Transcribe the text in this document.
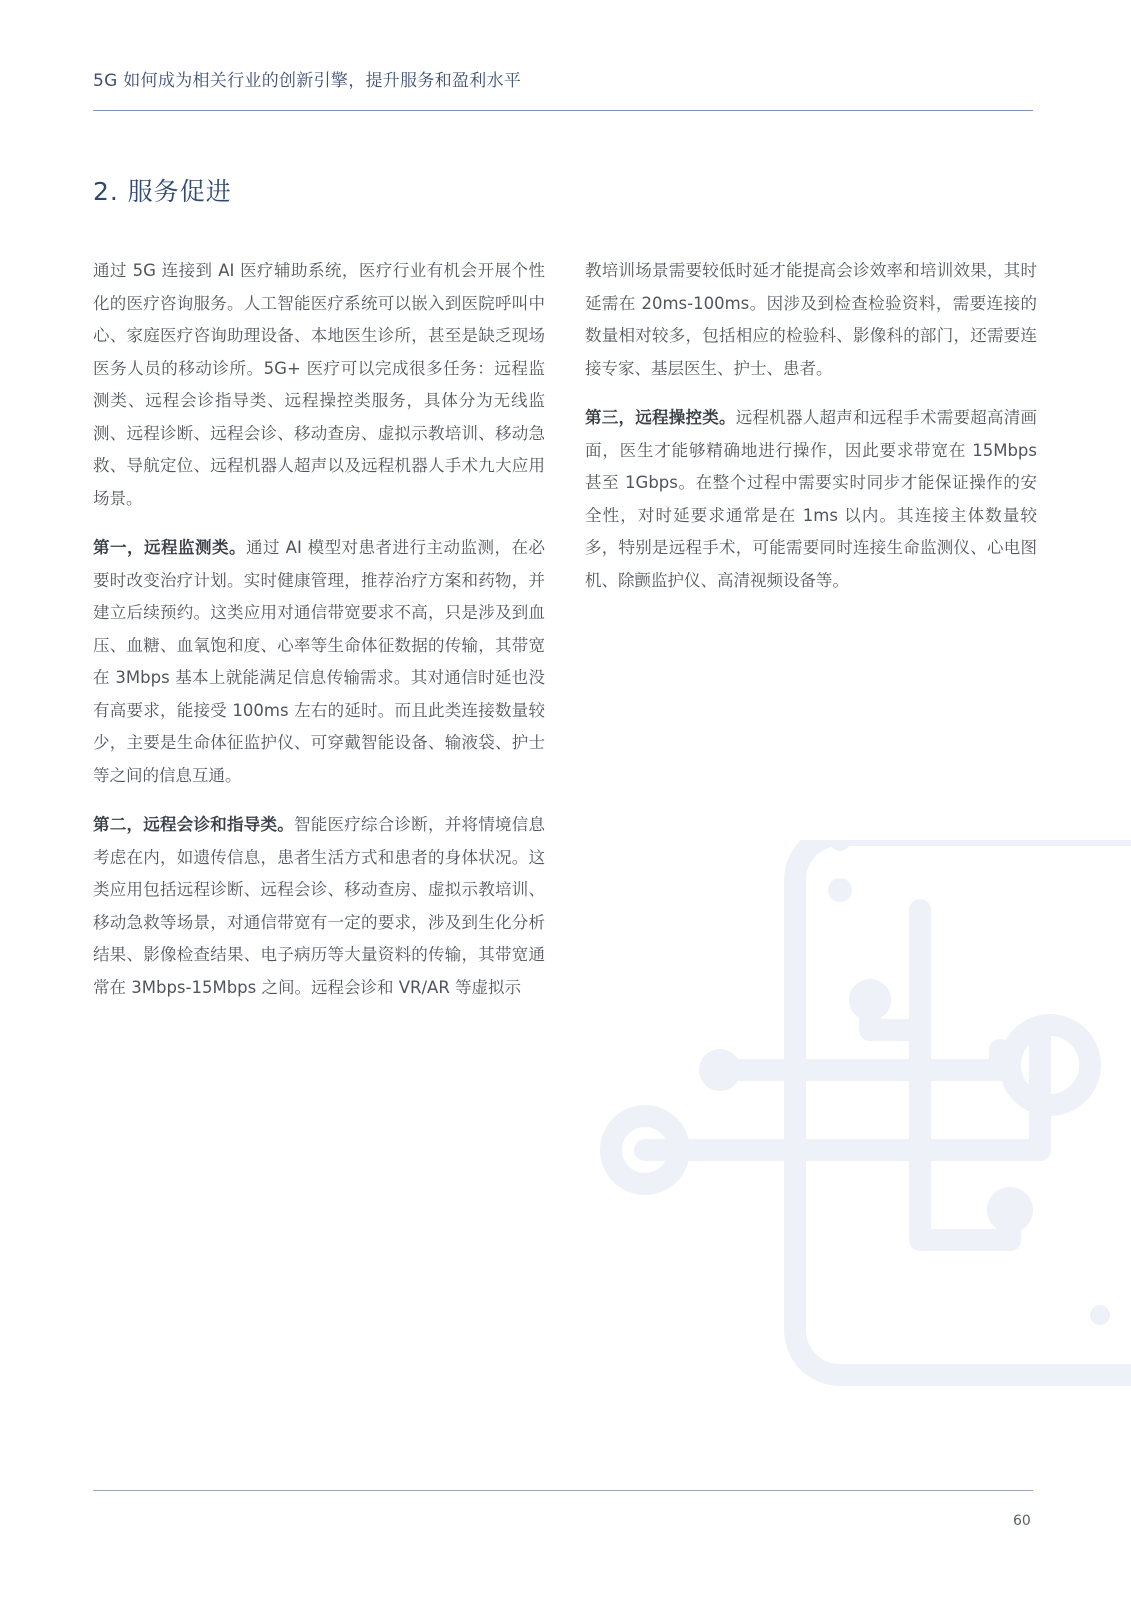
5G 如何成为相关行业的创新引擎，提升服务和盈利水平
2. 服务促进

通过 5G 连接到 AI 医疗辅助系统，医疗行业有机会开展个性化的医疗咨询服务。人工智能医疗系统可以嵌入到医院呼叫中心、家庭医疗咨询助理设备、本地医生诊所，甚至是缺乏现场医务人员的移动诊所。5G+ 医疗可以完成很多任务：远程监测类、远程会诊指导类、远程操控类服务，具体分为无线监测、远程诊断、远程会诊、移动查房、虚拟示教培训、移动急救、导航定位、远程机器人超声以及远程机器人手术九大应用场景。

第一，远程监测类。通过 AI 模型对患者进行主动监测，在必要时改变治疗计划。实时健康管理，推荐治疗方案和药物，并建立后续预约。这类应用对通信带宽要求不高，只是涉及到血压、血糖、血氧饱和度、心率等生命体征数据的传输，其带宽在 3Mbps 基本上就能满足信息传输需求。其对通信时延也没有高要求，能接受 100ms 左右的延时。而且此类连接数量较少，主要是生命体征监护仪、可穿戴智能设备、输液袋、护士等之间的信息互通。

第二，远程会诊和指导类。智能医疗综合诊断，并将情境信息考虑在内，如遗传信息，患者生活方式和患者的身体状况。这类应用包括远程诊断、远程会诊、移动查房、虚拟示教培训、移动急救等场景，对通信带宽有一定的要求，涉及到生化分析结果、影像检查结果、电子病历等大量资料的传输，其带宽通常在 3Mbps-15Mbps 之间。远程会诊和 VR/AR 等虚拟示

教培训场景需要较低时延才能提高会诊效率和培训效果，其时延需在 20ms-100ms。因涉及到检查检验资料，需要连接的数量相对较多，包括相应的检验科、影像科的部门，还需要连接专家、基层医生、护士、患者。

第三，远程操控类。远程机器人超声和远程手术需要超高清画面，医生才能够精确地进行操作，因此要求带宽在 15Mbps 甚至 1Gbps。在整个过程中需要实时同步才能保证操作的安全性，对时延要求通常是在 1ms 以内。其连接主体数量较多，特别是远程手术，可能需要同时连接生命监测仪、心电图机、除颤监护仪、高清视频设备等。

60
